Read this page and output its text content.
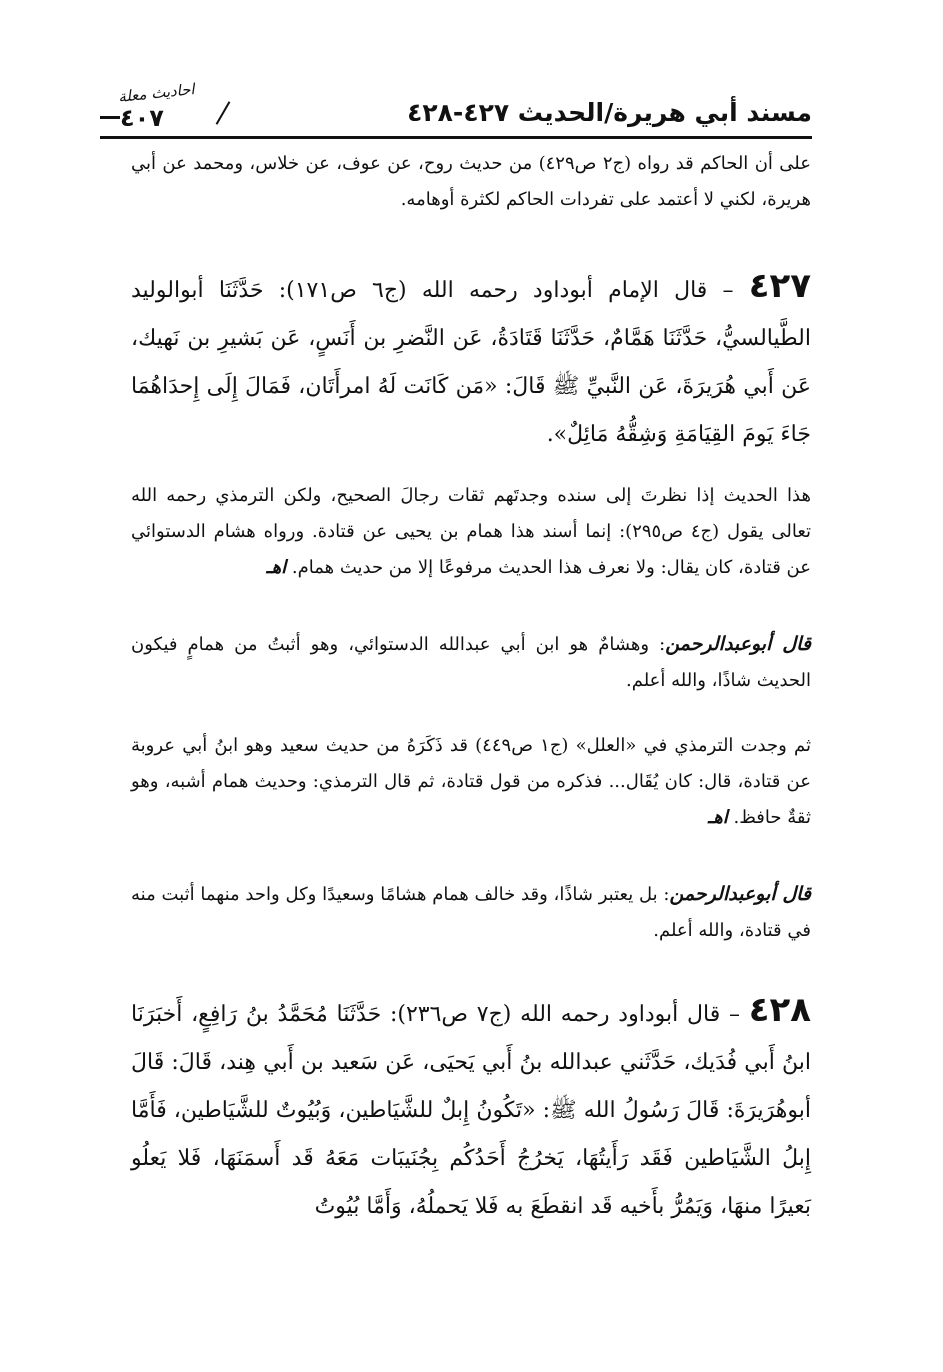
مسند أبي هريرة/الحديث ٤٢٧-٤٢٨
احاديث معلة
٤٠٧

على أن الحاكم قد رواه (ج٢ ص٤٢٩) من حديث روح، عن عوف، عن خلاس، ومحمد عن أبي هريرة، لكني لا أعتمد على تفردات الحاكم لكثرة أوهامه.

٤٢٧ – قال الإمام أبوداود رحمه الله (ج٦ ص١٧١): حَدَّثَنَا أبوالوليد الطَّيالسيُّ، حَدَّثَنَا هَمَّامٌ، حَدَّثَنَا قَتَادَةُ، عَن النَّضرِ بن أَنَسٍ، عَن بَشيرِ بن نَهيك، عَن أَبي هُرَيرَةَ، عَن النَّبيِّ ﷺ قَالَ: «مَن كَانَت لَهُ امرأَتَان، فَمَالَ إِلَى إِحدَاهُمَا جَاءَ يَومَ القِيَامَةِ وَشِقُّهُ مَائِلٌ».

هذا الحديث إذا نظرتَ إلى سنده وجدتَهم ثقات رجالَ الصحيح، ولكن الترمذي رحمه الله تعالى يقول (ج٤ ص٢٩٥): إنما أسند هذا همام بن يحيى عن قتادة. ورواه هشام الدستوائي عن قتادة، كان يقال: ولا نعرف هذا الحديث مرفوعًا إلا من حديث همام. اهـ

قال أبوعبدالرحمن: وهشامٌ هو ابن أبي عبدالله الدستوائي، وهو أثبتُ من همامٍ فيكون الحديث شاذًا، والله أعلم.

ثم وجدت الترمذي في «العلل» (ج١ ص٤٤٩) قد ذَكَرَهُ من حديث سعيد وهو ابنُ أبي عروبة عن قتادة، قال: كان يُقَال... فذكره من قول قتادة، ثم قال الترمذي: وحديث همام أشبه، وهو ثقةٌ حافظ. اهـ

قال أبوعبدالرحمن: بل يعتبر شاذًا، وقد خالف همام هشامًا وسعيدًا وكل واحد منهما أثبت منه في قتادة، والله أعلم.

٤٢٨ – قال أبوداود رحمه الله (ج٧ ص٢٣٦): حَدَّثَنَا مُحَمَّدُ بنُ رَافِعٍ، أَخبَرَنَا ابنُ أَبي فُدَيك، حَدَّثَني عبدالله بنُ أَبي يَحيَى، عَن سَعيد بن أَبي هِند، قَالَ: قَالَ أبوهُرَيرَةَ: قَالَ رَسُولُ الله ﷺ: «تَكُونُ إِبلٌ للشَّيَاطين، وَبُيُوتٌ للشَّيَاطين، فَأَمَّا إِبلُ الشَّيَاطين فَقَد رَأَيتُهَا، يَخرُجُ أَحَدُكُم بِجُنَيبَات مَعَهُ قَد أَسمَنَهَا، فَلا يَعلُو بَعيرًا منهَا، وَيَمُرُّ بأَخيه قَد انقطَعَ به فَلا يَحملُهُ، وَأَمَّا بُيُوتُ
